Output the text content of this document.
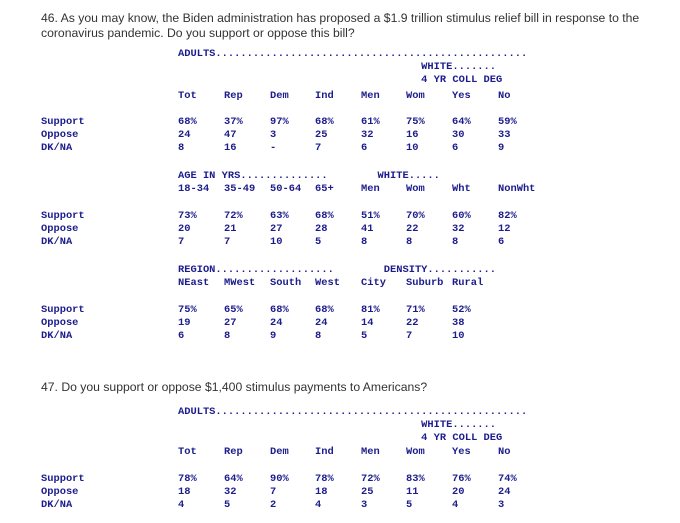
46. As you may know, the Biden administration has proposed a $1.9 trillion stimulus relief bill in response to the coronavirus pandemic. Do you support or oppose this bill?
ADULTS..................................................
WHITE.......
4 YR COLL DEG
Tot	Rep	Dem	Ind	Men	Wom	Yes	No
Support	68%	37%	97%	68%	61%	75%	64%	59%
Oppose	24	47	3	25	32	16	30	33
DK/NA	8	16	-	7	6	10	6	9
AGE IN YRS..............        WHITE.....
18-34 35-49 50-64 65+	Men	Wom	Wht	NonWht
Support	73%	72%	63%	68%	51%	70%	60%	82%
Oppose	20	21	27	28	41	22	32	12
DK/NA	7	7	10	5	8	8	8	6
REGION...................        DENSITY...........
NEast MWest South West City Suburb Rural
Support	75%	65%	68%	68%	81%	71%	52%
Oppose	19	27	24	24	14	22	38
DK/NA	6	8	9	8	5	7	10
47. Do you support or oppose $1,400 stimulus payments to Americans?
ADULTS..................................................
WHITE.......
4 YR COLL DEG
Tot	Rep	Dem	Ind	Men	Wom	Yes	No
Support	78%	64%	90%	78%	72%	83%	76%	74%
Oppose	18	32	7	18	25	11	20	24
DK/NA	4	5	2	4	3	5	4	3
